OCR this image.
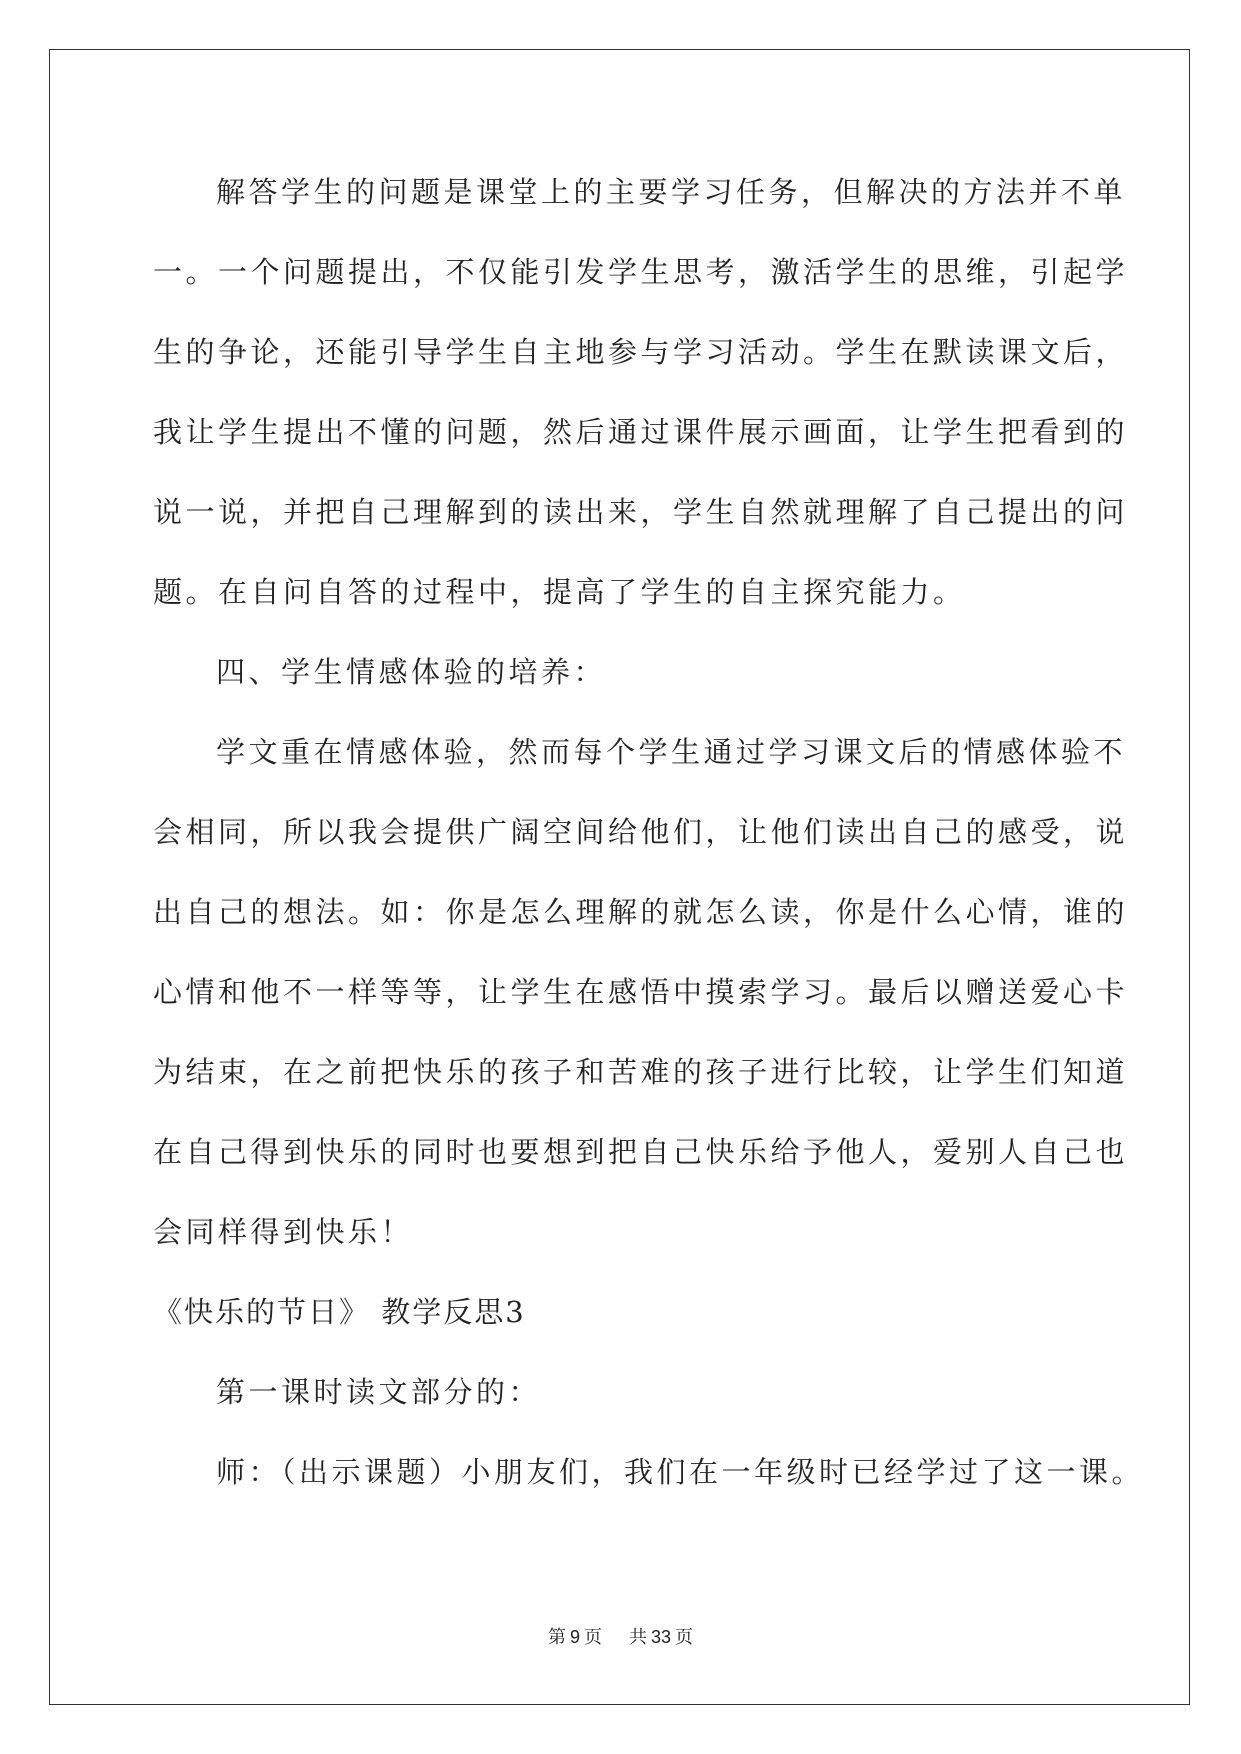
解答学生的问题是课堂上的主要学习任务，但解决的方法并不单
一。一个问题提出，不仅能引发学生思考，激活学生的思维，引起学
生的争论，还能引导学生自主地参与学习活动。学生在默读课文后，
我让学生提出不懂的问题，然后通过课件展示画面，让学生把看到的
说一说，并把自己理解到的读出来，学生自然就理解了自己提出的问
题。在自问自答的过程中，提高了学生的自主探究能力。
四、学生情感体验的培养：
学文重在情感体验，然而每个学生通过学习课文后的情感体验不
会相同，所以我会提供广阔空间给他们，让他们读出自己的感受，说
出自己的想法。如：你是怎么理解的就怎么读，你是什么心情，谁的
心情和他不一样等等，让学生在感悟中摸索学习。最后以赠送爱心卡
为结束，在之前把快乐的孩子和苦难的孩子进行比较，让学生们知道
在自己得到快乐的同时也要想到把自己快乐给予他人，爱别人自己也
会同样得到快乐！
《快乐的节日》 教学反思3
第一课时读文部分的：
师：（出示课题）小朋友们，我们在一年级时已经学过了这一课。
第 9 页 共 33 页
